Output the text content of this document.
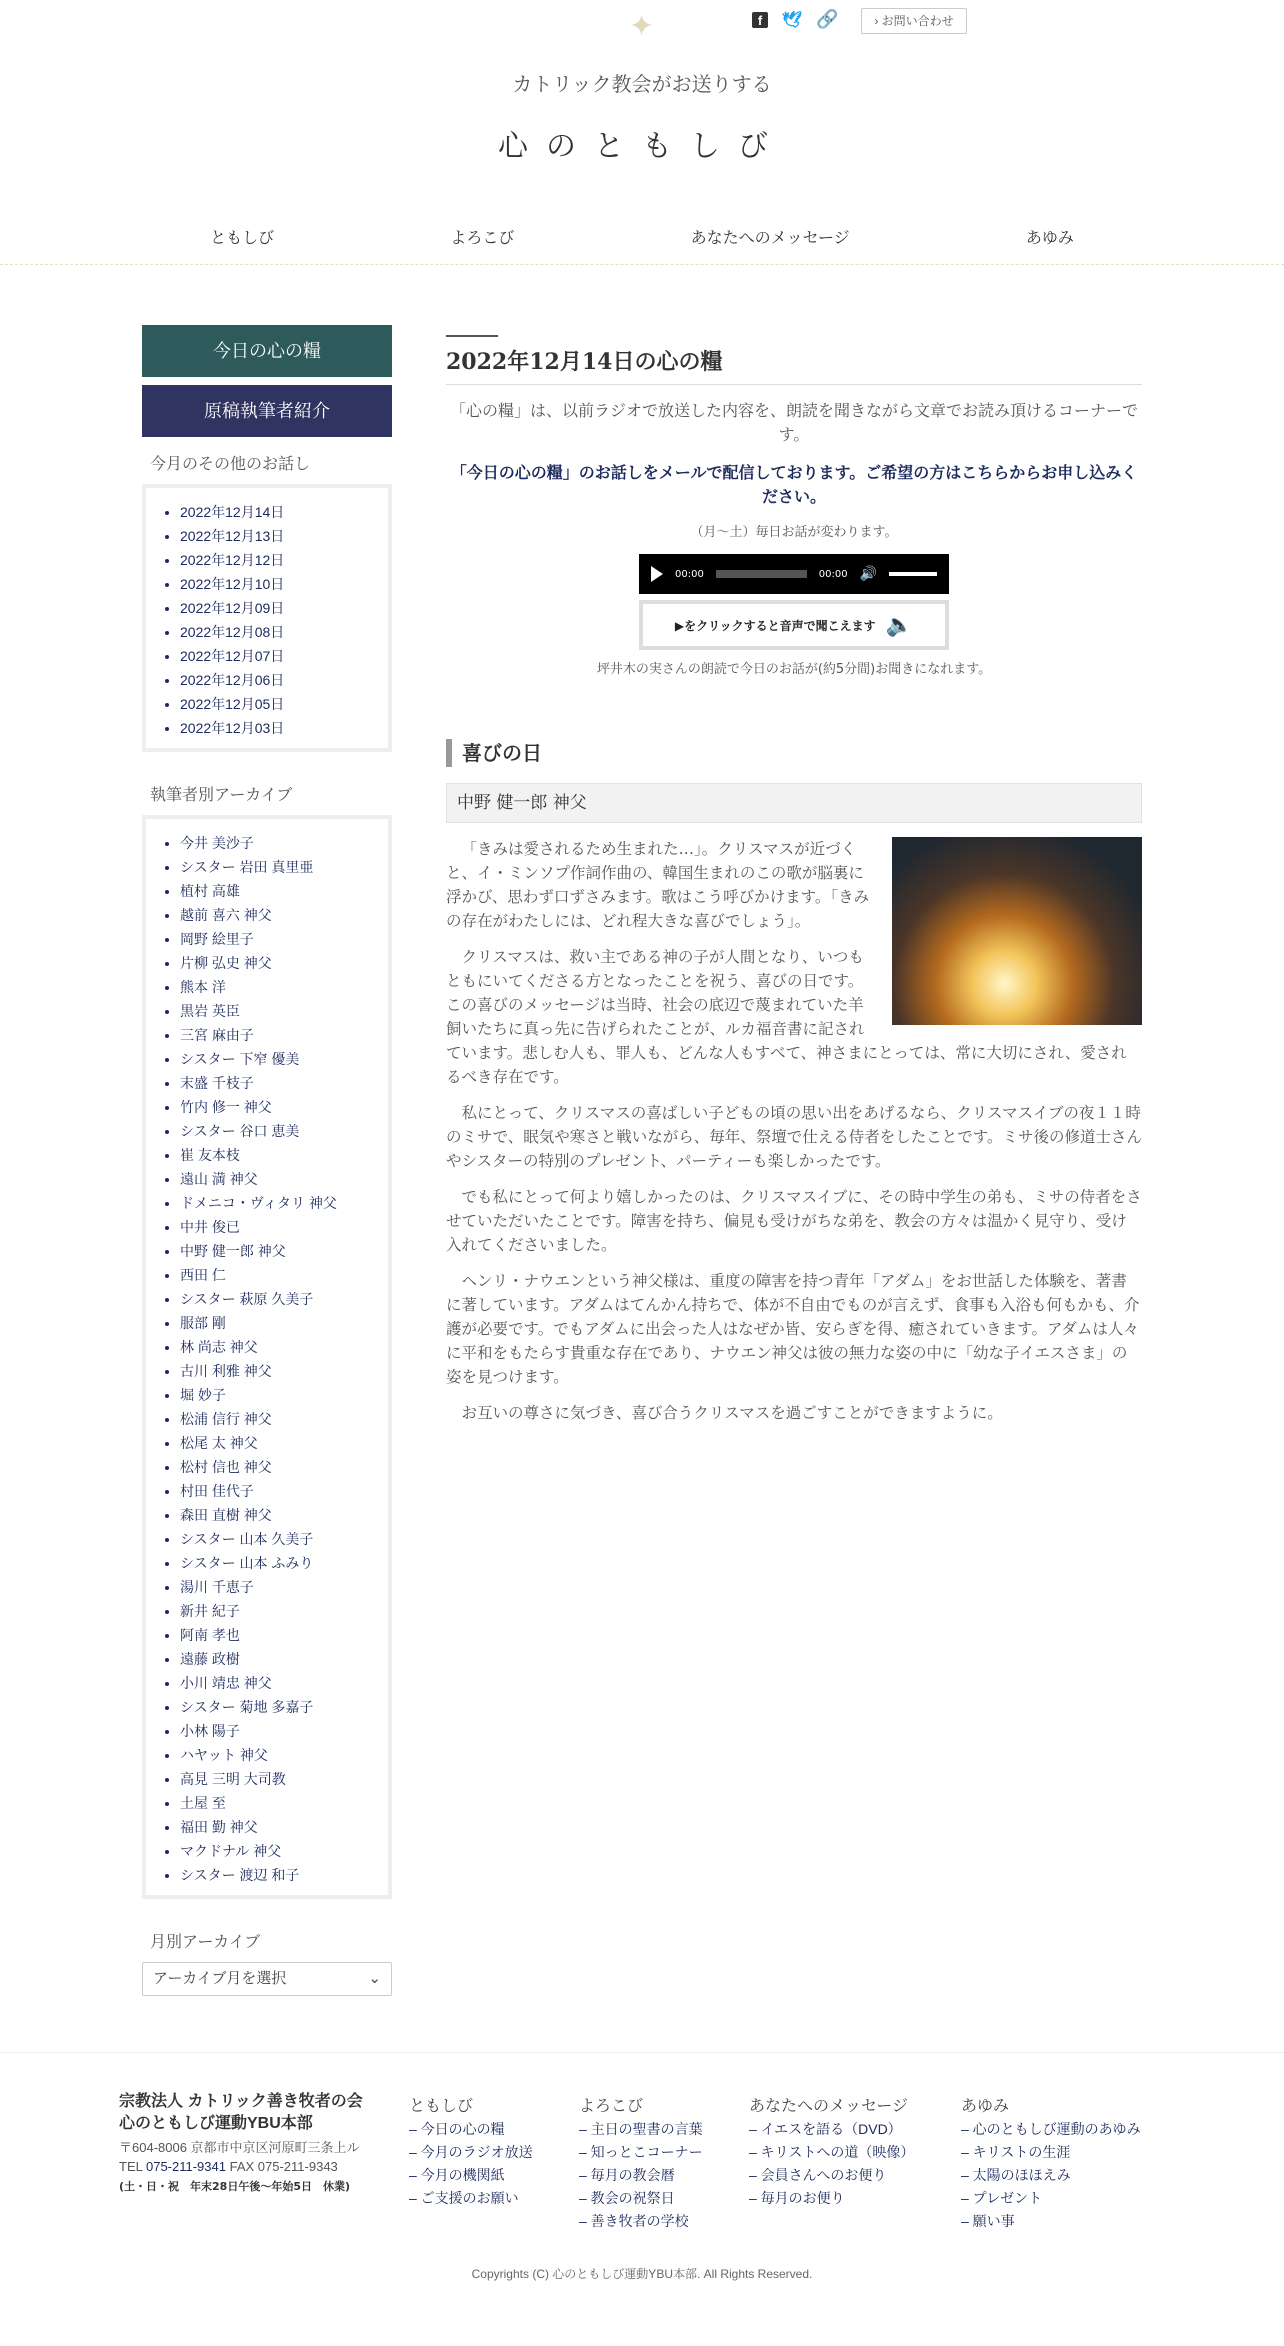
✦	f	🕊 🔗	› お問い合わせ
カトリック教会がお送りする
心のともしび
ともしび	よろこび	あなたへのメッセージ	あゆみ
今日の心の糧
原稿執筆者紹介
今月のその他のお話し
• 2022年12月14日
• 2022年12月13日
• 2022年12月12日
• 2022年12月10日
• 2022年12月09日
• 2022年12月08日
• 2022年12月07日
• 2022年12月06日
• 2022年12月05日
• 2022年12月03日
執筆者別アーカイブ
• 今井 美沙子
• シスター 岩田 真里亜
• 植村 高雄
• 越前 喜六 神父
• 岡野 絵里子
• 片柳 弘史 神父
• 熊本 洋
• 黒岩 英臣
• 三宮 麻由子
• シスター 下窄 優美
• 末盛 千枝子
• 竹内 修一 神父
• シスター 谷口 恵美
• 崔 友本枝
• 遠山 満 神父
• ドメニコ・ヴィタリ 神父
• 中井 俊已
• 中野 健一郎 神父
• 西田 仁
• シスター 萩原 久美子
• 服部 剛
• 林 尚志 神父
• 古川 利雅 神父
• 堀 妙子
• 松浦 信行 神父
• 松尾 太 神父
• 松村 信也 神父
• 村田 佳代子
• 森田 直樹 神父
• シスター 山本 久美子
• シスター 山本 ふみり
• 湯川 千恵子
• 新井 紀子
• 阿南 孝也
• 遠藤 政樹
• 小川 靖忠 神父
• シスター 菊地 多嘉子
• 小林 陽子
• ハヤット 神父
• 高見 三明 大司教
• 土屋 至
• 福田 勤 神父
• マクドナル 神父
• シスター 渡辺 和子
月別アーカイブ
アーカイブ月を選択	⌄
2022年12月14日の心の糧

「心の糧」は、以前ラジオで放送した内容を、朗読を聞きながら文章でお読み頂けるコーナーです。

「今日の心の糧」のお話しをメールで配信しております。ご希望の方はこちらからお申し込みください。

（月～土）毎日お話が変わります。

00:00	00:00 🔊
▶をクリックすると音声で聞こえます 🔈

坪井木の実さんの朗読で今日のお話が(約5分間)お聞きになれます。

喜びの日
中野 健一郎 神父

「きみは愛されるため生まれた…」。クリスマスが近づくと、イ・ミンソプ作詞作曲の、韓国生まれのこの歌が脳裏に浮かび、思わず口ずさみます。歌はこう呼びかけます。「きみの存在がわたしには、どれ程大きな喜びでしょう」。

クリスマスは、救い主である神の子が人間となり、いつもともにいてくださる方となったことを祝う、喜びの日です。この喜びのメッセージは当時、社会の底辺で蔑まれていた羊飼いたちに真っ先に告げられたことが、ルカ福音書に記されています。悲しむ人も、罪人も、どんな人もすべて、神さまにとっては、常に大切にされ、愛されるべき存在です。

私にとって、クリスマスの喜ばしい子どもの頃の思い出をあげるなら、クリスマスイブの夜１１時のミサで、眠気や寒さと戦いながら、毎年、祭壇で仕える侍者をしたことです。ミサ後の修道士さんやシスターの特別のプレゼント、パーティーも楽しかったです。

でも私にとって何より嬉しかったのは、クリスマスイブに、その時中学生の弟も、ミサの侍者をさせていただいたことです。障害を持ち、偏見も受けがちな弟を、教会の方々は温かく見守り、受け入れてくださいました。

ヘンリ・ナウエンという神父様は、重度の障害を持つ青年「アダム」をお世話した体験を、著書に著しています。アダムはてんかん持ちで、体が不自由でものが言えず、食事も入浴も何もかも、介護が必要です。でもアダムに出会った人はなぜか皆、安らぎを得、癒されていきます。アダムは人々に平和をもたらす貴重な存在であり、ナウエン神父は彼の無力な姿の中に「幼な子イエスさま」の姿を見つけます。

お互いの尊さに気づき、喜び合うクリスマスを過ごすことができますように。

宗教法人 カトリック善き牧者の会
心のともしび運動YBU本部
〒604-8006 京都市中京区河原町三条上ル
TEL 075-211-9341 FAX 075-211-9343
(土・日・祝　年末28日午後〜年始5日　休業)
ともしび
– 今日の心の糧
– 今月のラジオ放送
– 今月の機関紙
– ご支援のお願い
よろこび
– 主日の聖書の言葉
– 知っとこコーナー
– 毎月の教会暦
– 教会の祝祭日
– 善き牧者の学校
あなたへのメッセージ
– イエスを語る（DVD）
– キリストへの道（映像）
– 会員さんへのお便り
– 毎月のお便り
あゆみ
– 心のともしび運動のあゆみ
– キリストの生涯
– 太陽のほほえみ
– プレゼント
– 願い事
Copyrights (C) 心のともしび運動YBU本部. All Rights Reserved.
